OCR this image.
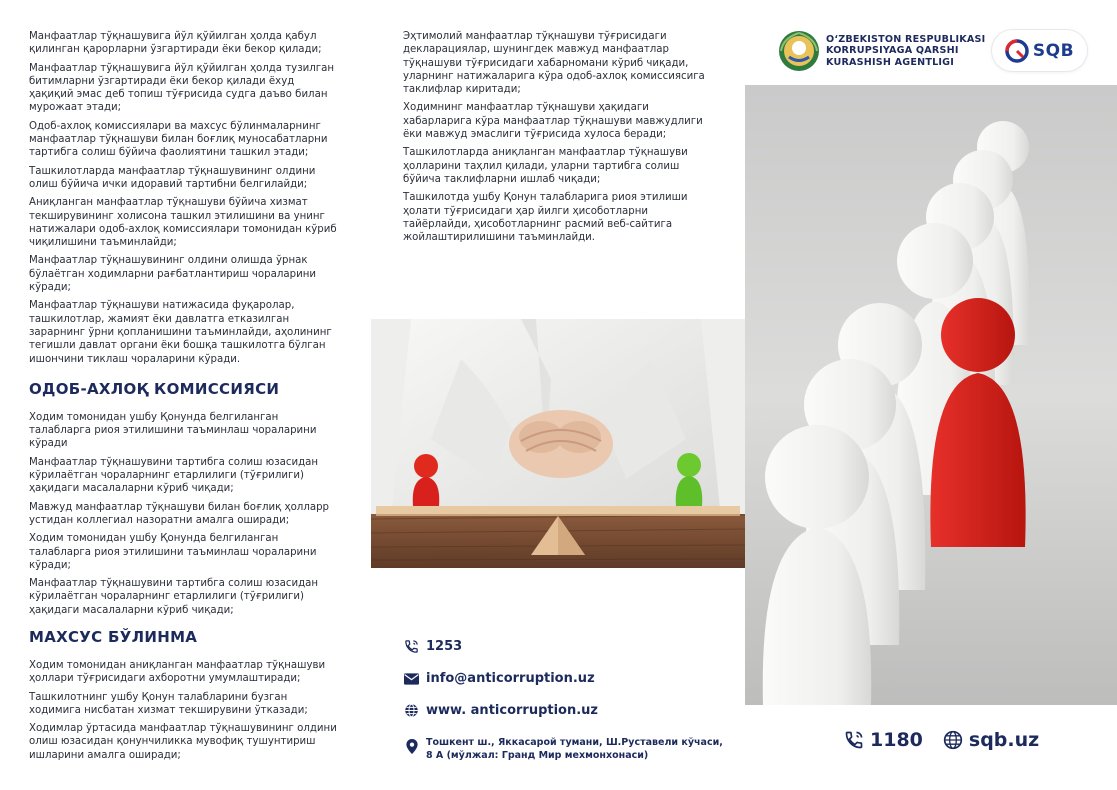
Манфаатлар тўқнашувига йўл қўйилган ҳолда қабул қилинган қарорларни ўзгартиради ёки бекор қилади;

Манфаатлар тўқнашувига йўл қўйилган ҳолда тузилган битимларни ўзгартиради ёки бекор қилади ёхуд ҳақиқий эмас деб топиш тўғрисида судга даъво билан мурожаат этади;

Одоб-ахлоқ комиссиялари ва махсус бўлинмаларнинг манфаатлар тўқнашуви билан боғлиқ муносабатларни тартибга солиш бўйича фаолиятини ташкил этади;

Ташкилотларда манфаатлар тўқнашувининг олдини олиш бўйича ички идоравий тартибни белгилайди;

Аниқланган манфаатлар тўқнашуви бўйича хизмат текширувининг холисона ташкил этилишини ва унинг натижалари одоб-ахлоқ комиссиялари томонидан кўриб чиқилишини таъминлайди;

Манфаатлар тўқнашувининг олдини олишда ўрнак бўлаётган ходимларни рағбатлантириш чораларини кўради;

Манфаатлар тўқнашуви натижасида фуқаролар, ташкилотлар, жамият ёки давлатга етказилган зарарнинг ўрни қопланишини таъминлайди, аҳолининг тегишли давлат органи ёки бошқа ташкилотга бўлган ишончини тиклаш чораларини кўради.

ОДОБ-АХЛОҚ КОМИССИЯСИ

Ходим томонидан ушбу Қонунда белгиланган талабларга риоя этилишини таъминлаш чораларини кўради

Манфаатлар тўқнашувини тартибга солиш юзасидан кўрилаётган чораларнинг етарлилиги (тўғрилиги) ҳақидаги масалаларни кўриб чиқади;

Мавжуд манфаатлар тўқнашуви билан боғлиқ ҳолларр устидан коллегиал назоратни амалга оширади;

Ходим томонидан ушбу Қонунда белгиланган талабларга риоя этилишини таъминлаш чораларини кўради;

Манфаатлар тўқнашувини тартибга солиш юзасидан кўрилаётган чораларнинг етарлилиги (тўғрилиги) ҳақидаги масалаларни кўриб чиқади;

МАХСУС БЎЛИНМА

Ходим томонидан аниқланган манфаатлар тўқнашуви ҳоллари тўғрисидаги ахборотни умумлаштиради;

Ташкилотнинг ушбу Қонун талабларини бузган ходимига нисбатан хизмат текширувини ўтказади;

Ходимлар ўртасида манфаатлар тўқнашувининг олдини олиш юзасидан қонунчиликка мувофиқ тушунтириш ишларини амалга оширади;

Эҳтимолий манфаатлар тўқнашуви тўғрисидаги декларациялар, шунингдек мавжуд манфаатлар тўқнашуви тўғрисидаги хабарномани кўриб чиқади, уларнинг натижаларига кўра одоб-ахлоқ комиссиясига таклифлар киритади;

Ходимнинг манфаатлар тўқнашуви ҳақидаги хабарларига кўра манфаатлар тўқнашуви мавжудлиги ёки мавжуд эмаслиги тўғрисида хулоса беради;

Ташкилотларда аниқланган манфаатлар тўқнашуви ҳолларини таҳлил қилади, уларни тартибга солиш бўйича таклифларни ишлаб чиқади;

Ташкилотда ушбу Қонун талабларига риоя этилиши ҳолати тўғрисидаги ҳар йилги ҳисоботларни тайёрлайди, ҳисоботларнинг расмий веб-сайтига жойлаштирилишини таъминлайди.

O‘ZBEKISTON RESPUBLIKASI
KORRUPSIYAGA QARSHI
KURASHISH AGENTLIGI
SQB
1253
info@anticorruption.uz
www. anticorruption.uz
Тошкент ш., Яккасарой тумани, Ш.Руставели кўчаси,
8 А (мўлжал: Гранд Мир мехмонхонаси)
1180 sqb.uz
